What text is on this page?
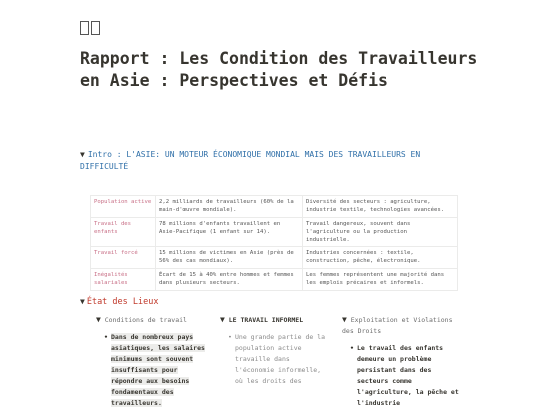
Rapport : Les Condition des Travailleurs en Asie : Perspectives et Défis
▼ Intro : L'ASIE: UN MOTEUR ÉCONOMIQUE MONDIAL MAIS DES TRAVAILLEURS EN DIFFICULTÉ
Population active	2,2 milliards de travailleurs (60% de la main-d'œuvre mondiale).	Diversité des secteurs : agriculture, industrie textile, technologies avancées.
Travail des enfants	78 millions d'enfants travaillent en Asie-Pacifique (1 enfant sur 14).	Travail dangereux, souvent dans l'agriculture ou la production industrielle.
Travail forcé	15 millions de victimes en Asie (près de 56% des cas mondiaux).	Industries concernées : textile, construction, pêche, électronique.
Inégalités salariales	Écart de 15 à 40% entre hommes et femmes dans plusieurs secteurs.	Les femmes représentent une majorité dans les emplois précaires et informels.
▼ État des Lieux
▼ Conditions de travail
• Dans de nombreux pays asiatiques, les salaires minimums sont souvent insuffisants pour répondre aux besoins fondamentaux des travailleurs.
▼ LE TRAVAIL INFORMEL
• Une grande partie de la population active travaille dans l'économie informelle, où les droits des
▼ Exploitation et Violations des Droits
• Le travail des enfants demeure un problème persistant dans des secteurs comme l'agriculture, la pêche et l'industrie
